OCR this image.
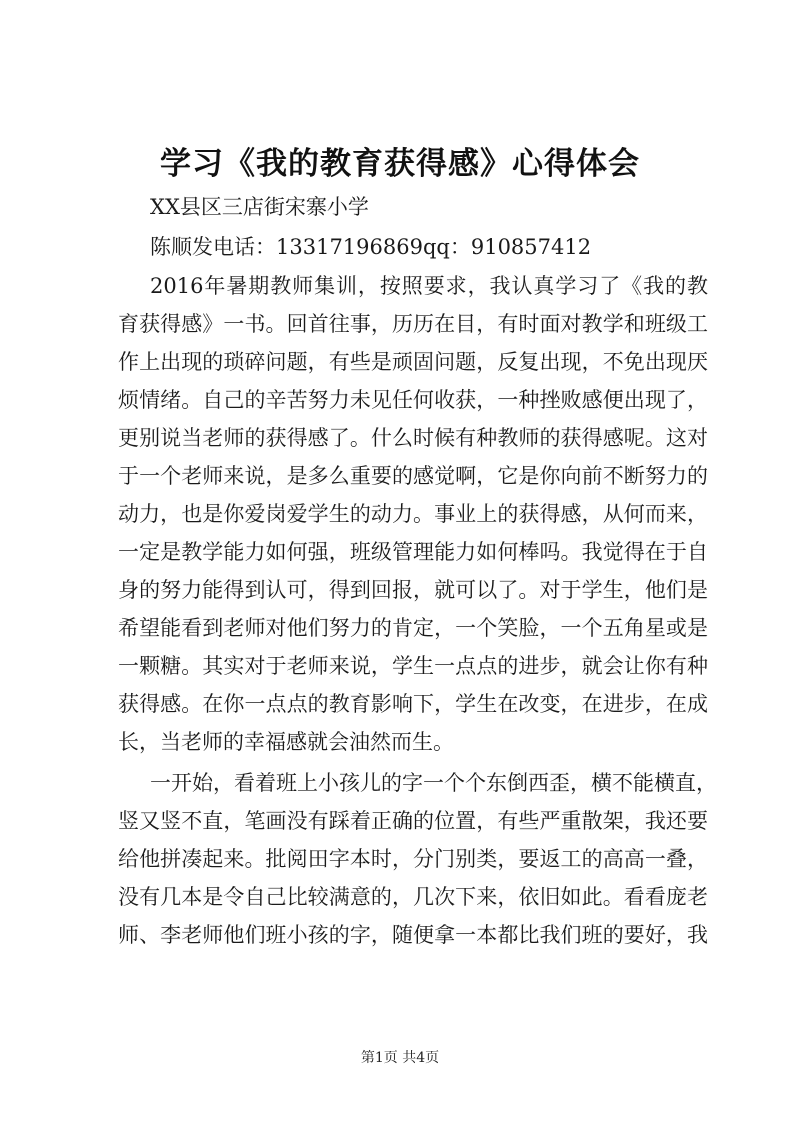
学习《我的教育获得感》心得体会

XX县区三店街宋寨小学

陈顺发电话：13317196869qq：910857412

2016年暑期教师集训，按照要求，我认真学习了《我的教

育获得感》一书。回首往事，历历在目，有时面对教学和班级工

作上出现的琐碎问题，有些是顽固问题，反复出现，不免出现厌

烦情绪。自己的辛苦努力未见任何收获，一种挫败感便出现了，

更别说当老师的获得感了。什么时候有种教师的获得感呢。这对

于一个老师来说，是多么重要的感觉啊，它是你向前不断努力的

动力，也是你爱岗爱学生的动力。事业上的获得感，从何而来，

一定是教学能力如何强，班级管理能力如何棒吗。我觉得在于自

身的努力能得到认可，得到回报，就可以了。对于学生，他们是

希望能看到老师对他们努力的肯定，一个笑脸，一个五角星或是

一颗糖。其实对于老师来说，学生一点点的进步，就会让你有种

获得感。在你一点点的教育影响下，学生在改变，在进步，在成

长，当老师的幸福感就会油然而生。

一开始，看着班上小孩儿的字一个个东倒西歪，横不能横直，

竖又竖不直，笔画没有踩着正确的位置，有些严重散架，我还要

给他拼凑起来。批阅田字本时，分门别类，要返工的高高一叠，

没有几本是令自己比较满意的，几次下来，依旧如此。看看庞老

师、李老师他们班小孩的字，随便拿一本都比我们班的要好，我

第1页 共4页
